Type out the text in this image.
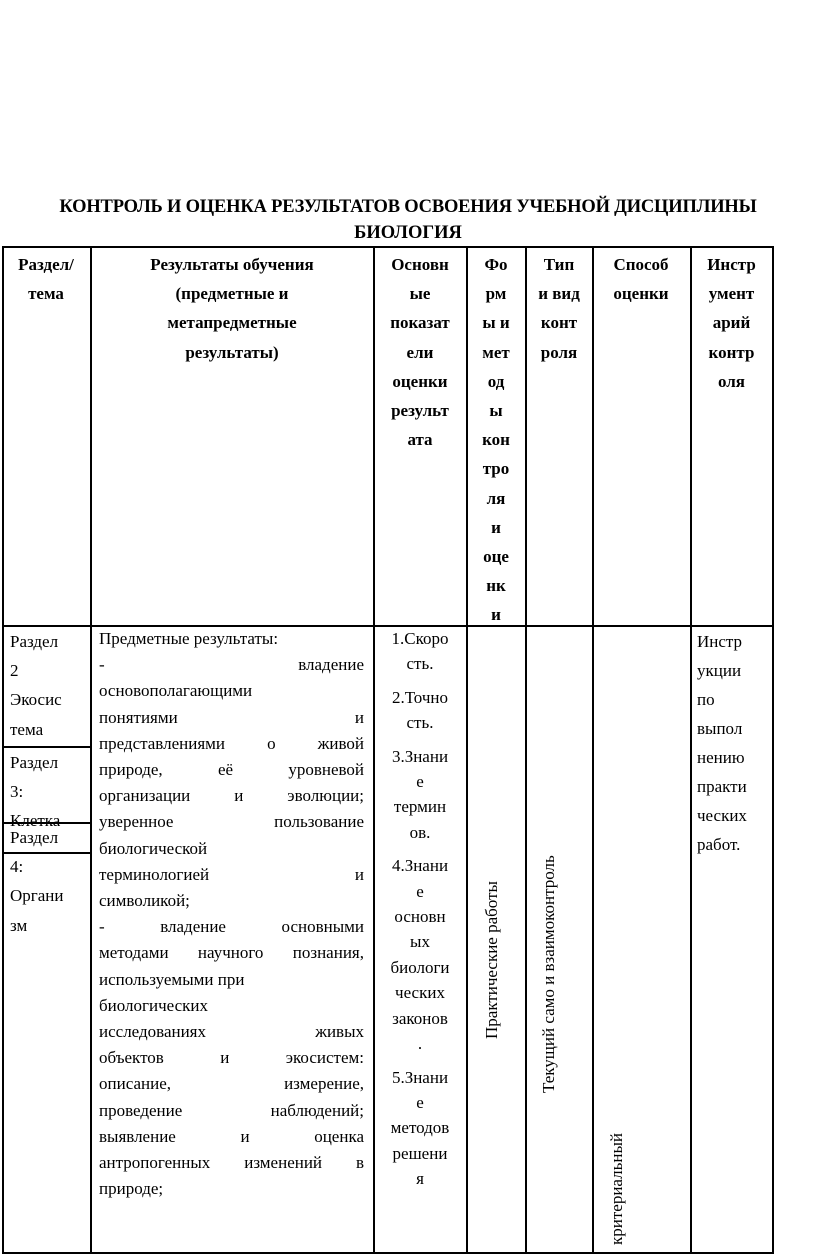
КОНТРОЛЬ И ОЦЕНКА РЕЗУЛЬТАТОВ ОСВОЕНИЯ УЧЕБНОЙ ДИСЦИПЛИНЫ
БИОЛОГИЯ
Раздел/
тема
Результаты обучения
(предметные и
метапредметные
результаты)
Основн
ые
показат
ели
оценки
результ
ата
Фо
рм
ы и
мет
од
ы
кон
тро
ля
и
оце
нк
и
Тип
и вид
конт
роля
Способ
оценки
Инстр
умент
арий
контр
оля
Раздел
2
Экосис
тема
Раздел
3:
Клетка
Раздел
4:
Органи
зм
Предметные результаты:
- владение
основополагающими
понятиями и
представлениями о живой
природе, её уровневой
организации и эволюции;
уверенное пользование
биологической
терминологией и
символикой;
- владение основными
методами научного познания,
используемыми при
биологических
исследованиях живых
объектов и экосистем:
описание, измерение,
проведение наблюдений;
выявление и оценка
антропогенных изменений в
природе;
1.Скоро
сть.
2.Точно
сть.
3.Знани
е
термин
ов.
4.Знани
е
основн
ых
биологи
ческих
законов
.
5.Знани
е
методов
решени
я
Практические работы Текущий само и взаимоконтроль
критериальный
Инстр
укции
по
выпол
нению
практи
ческих
работ.
